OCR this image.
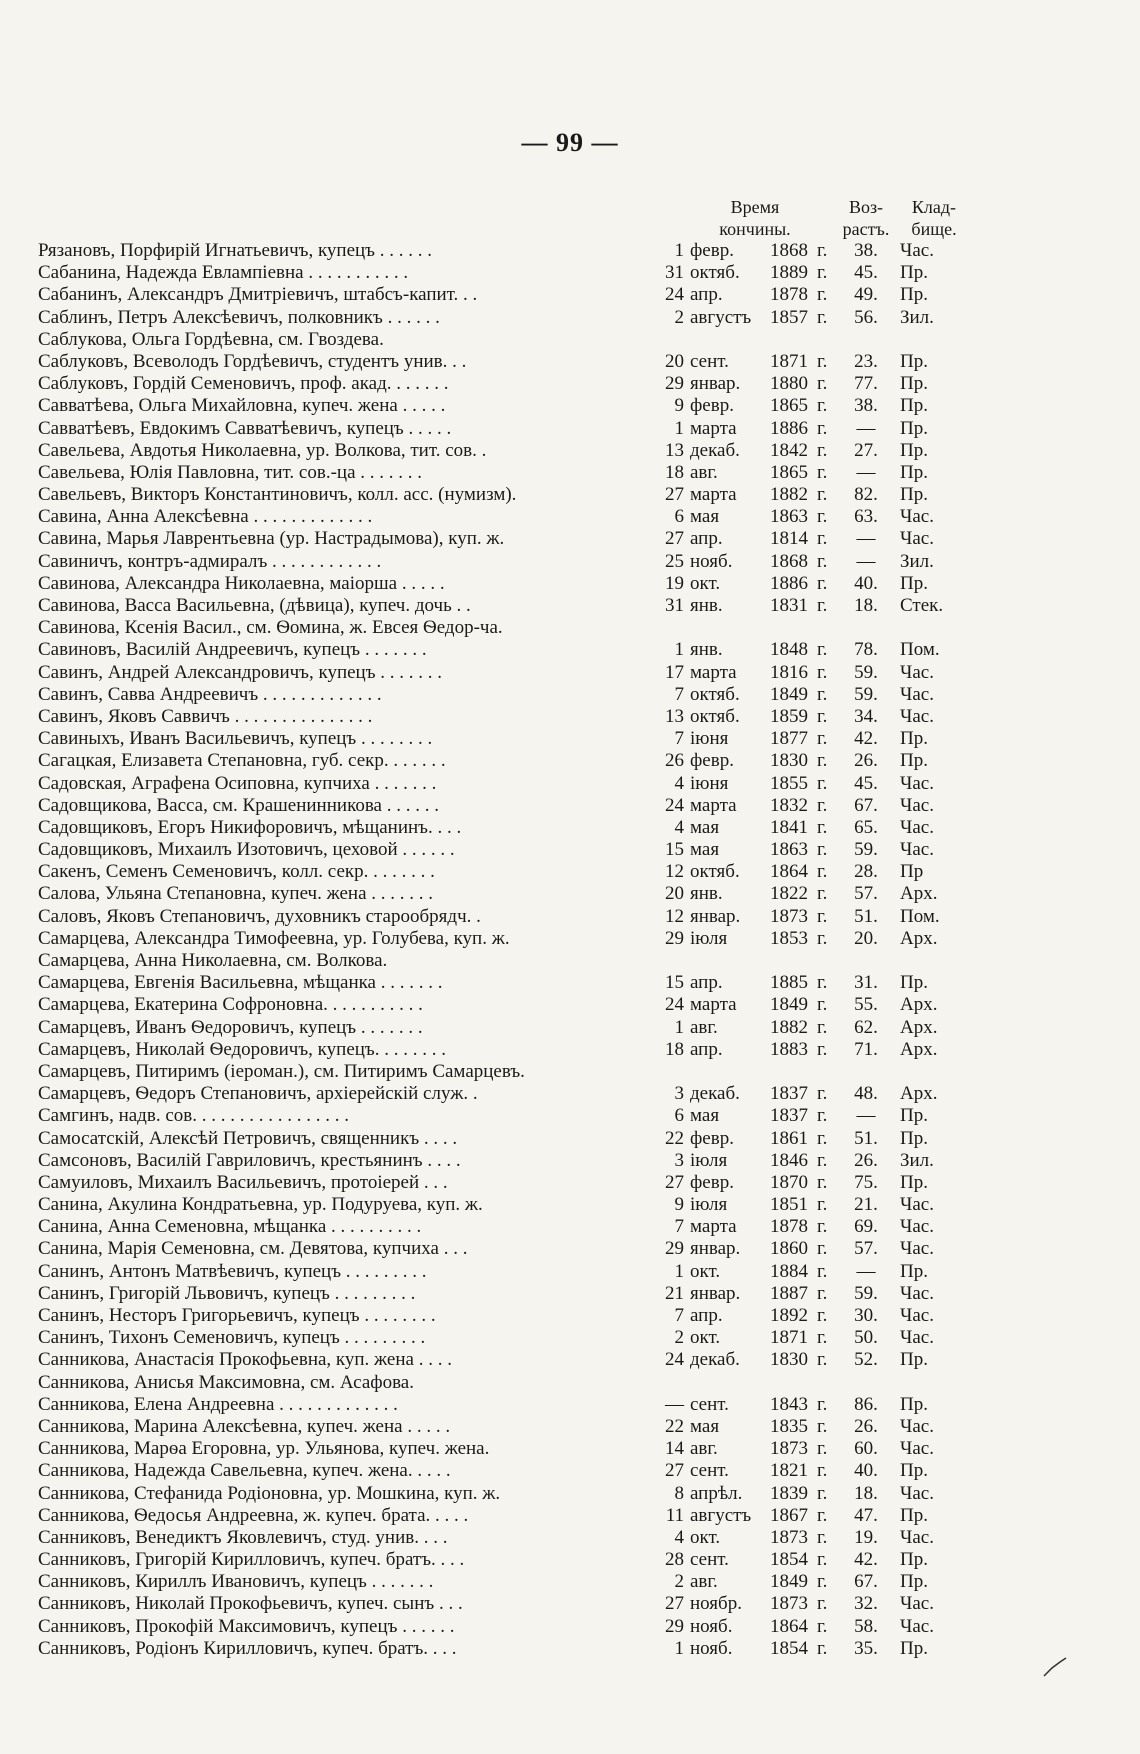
— 99 —
Время
кончины.
Воз-
растъ.
Клад-
бище.
Рязановъ, Порфирій Игнатьевичъ, купецъ . . . . . .	1 февр.	1868 г.	38.	Час.
Сабанина, Надежда Евлампіевна . . . . . . . . . . .	31 октяб.	1889 г.	45.	Пр.
Сабанинъ, Александръ Дмитріевичъ, штабсъ-капит. . .	24 апр.	1878 г.	49.	Пр.
Саблинъ, Петръ Алексѣевичъ, полковникъ . . . . . .	2 августъ 1857 г.	56.	Зил.
Саблукова, Ольга Гордѣевна, см. Гвоздева.
Саблуковъ, Всеволодъ Гордѣевичъ, студентъ унив. . .	20 сент.	1871 г.	23.	Пр.
Саблуковъ, Гордій Семеновичъ, проф. акад. . . . . . .	29 январ.	1880 г.	77.	Пр.
Савватѣева, Ольга Михайловна, купеч. жена . . . . .	9 февр.	1865 г.	38.	Пр.
Савватѣевъ, Евдокимъ Савватѣевичъ, купецъ . . . . .	1 марта	1886 г.	—	Пр.
Савельева, Авдотья Николаевна, ур. Волкова, тит. сов. .	13 декаб.	1842 г.	27.	Пр.
Савельева, Юлія Павловна, тит. сов.-ца . . . . . . .	18 авг.	1865 г.	—	Пр.
Савельевъ, Викторъ Константиновичъ, колл. асс. (нумизм).	27 марта	1882 г.	82.	Пр.
Савина, Анна Алексѣевна . . . . . . . . . . . . .	6 мая	1863 г.	63.	Час.
Савина, Марья Лаврентьевна (ур. Настрадымова), куп. ж.	27 апр.	1814 г.	—	Час.
Савиничъ, контръ-адмиралъ . . . . . . . . . . . .	25 нояб.	1868 г.	—	Зил.
Савинова, Александра Николаевна, маіорша . . . . .	19 окт.	1886 г.	40.	Пр.
Савинова, Васса Васильевна, (дѣвица), купеч. дочь . .	31 янв.	1831 г.	18.	Стек.
Савинова, Ксенія Васил., см. Ѳомина, ж. Евсея Ѳедор-ча.
Савиновъ, Василій Андреевичъ, купецъ . . . . . . .	1 янв.	1848 г.	78.	Пом.
Савинъ, Андрей Александровичъ, купецъ . . . . . . .	17 марта	1816 г.	59.	Час.
Савинъ, Савва Андреевичъ . . . . . . . . . . . . .	7 октяб.	1849 г.	59.	Час.
Савинъ, Яковъ Саввичъ . . . . . . . . . . . . . . .	13 октяб.	1859 г.	34.	Час.
Савиныхъ, Иванъ Васильевичъ, купецъ . . . . . . . .	7 іюня	1877 г.	42.	Пр.
Сагацкая, Елизавета Степановна, губ. секр. . . . . . .	26 февр.	1830 г.	26.	Пр.
Садовская, Аграфена Осиповна, купчиха . . . . . . .	4 іюня	1855 г.	45.	Час.
Садовщикова, Васса, см. Крашенинникова . . . . . .	24 марта	1832 г.	67.	Час.
Садовщиковъ, Егоръ Никифоровичъ, мѣщанинъ. . . .	4 мая	1841 г.	65.	Час.
Садовщиковъ, Михаилъ Изотовичъ, цеховой . . . . . .	15 мая	1863 г.	59.	Час.
Сакенъ, Семенъ Семеновичъ, колл. секр. . . . . . . .	12 октяб.	1864 г.	28.	Пр
Салова, Ульяна Степановна, купеч. жена . . . . . . .	20 янв.	1822 г.	57.	Арх.
Саловъ, Яковъ Степановичъ, духовникъ старообрядч. .	12 январ.	1873 г.	51.	Пом.
Самарцева, Александра Тимофеевна, ур. Голубева, куп. ж.	29 іюля	1853 г.	20.	Арх.
Самарцева, Анна Николаевна, см. Волкова.
Самарцева, Евгенія Васильевна, мѣщанка . . . . . . .	15 апр.	1885 г.	31.	Пр.
Самарцева, Екатерина Софроновна. . . . . . . . . . .	24 марта	1849 г.	55.	Арх.
Самарцевъ, Иванъ Ѳедоровичъ, купецъ . . . . . . .	1 авг.	1882 г.	62.	Арх.
Самарцевъ, Николай Ѳедоровичъ, купецъ. . . . . . . .	18 апр.	1883 г.	71.	Арх.
Самарцевъ, Питиримъ (іероман.), см. Питиримъ Самарцевъ.
Самарцевъ, Ѳедоръ Степановичъ, архіерейскій служ. .	3 декаб.	1837 г.	48.	Арх.
Самгинъ, надв. сов. . . . . . . . . . . . . . . . .	6 мая	1837 г.	—	Пр.
Самосатскій, Алексѣй Петровичъ, священникъ . . . .	22 февр.	1861 г.	51.	Пр.
Самсоновъ, Василій Гавриловичъ, крестьянинъ . . . .	3 іюля	1846 г.	26.	Зил.
Самуиловъ, Михаилъ Васильевичъ, протоіерей . . .	27 февр.	1870 г.	75.	Пр.
Санина, Акулина Кондратьевна, ур. Подуруева, куп. ж.	9 іюля	1851 г.	21.	Час.
Санина, Анна Семеновна, мѣщанка . . . . . . . . . .	7 марта	1878 г.	69.	Час.
Санина, Марія Семеновна, см. Девятова, купчиха . . .	29 январ.	1860 г.	57.	Час.
Санинъ, Антонъ Матвѣевичъ, купецъ . . . . . . . . .	1 окт.	1884 г.	—	Пр.
Санинъ, Григорій Львовичъ, купецъ . . . . . . . . .	21 январ.	1887 г.	59.	Час.
Санинъ, Несторъ Григорьевичъ, купецъ . . . . . . . .	7 апр.	1892 г.	30.	Час.
Санинъ, Тихонъ Семеновичъ, купецъ . . . . . . . . .	2 окт.	1871 г.	50.	Час.
Санникова, Анастасія Прокофьевна, куп. жена . . . .	24 декаб.	1830 г.	52.	Пр.
Санникова, Анисья Максимовна, см. Асафова.
Санникова, Елена Андреевна . . . . . . . . . . . . .	— сент.	1843 г.	86.	Пр.
Санникова, Марина Алексѣевна, купеч. жена . . . . .	22 мая	1835 г.	26.	Час.
Санникова, Марѳа Егоровна, ур. Ульянова, купеч. жена.	14 авг.	1873 г.	60.	Час.
Санникова, Надежда Савельевна, купеч. жена. . . . .	27 сент.	1821 г.	40.	Пр.
Санникова, Стефанида Родіоновна, ур. Мошкина, куп. ж.	8 апрѣл.	1839 г.	18.	Час.
Санникова, Ѳедосья Андреевна, ж. купеч. брата. . . . .	11 августъ 1867 г.	47.	Пр.
Санниковъ, Венедиктъ Яковлевичъ, студ. унив. . . .	4 окт.	1873 г.	19.	Час.
Санниковъ, Григорій Кирилловичъ, купеч. братъ. . . .	28 сент.	1854 г.	42.	Пр.
Санниковъ, Кириллъ Ивановичъ, купецъ . . . . . . .	2 авг.	1849 г.	67.	Пр.
Санниковъ, Николай Прокофьевичъ, купеч. сынъ . . .	27 ноябр.	1873 г.	32.	Час.
Санниковъ, Прокофій Максимовичъ, купецъ . . . . . .	29 нояб.	1864 г.	58.	Час.
Санниковъ, Родіонъ Кирилловичъ, купеч. братъ. . . .	1 нояб.	1854 г.	35.	Пр.
